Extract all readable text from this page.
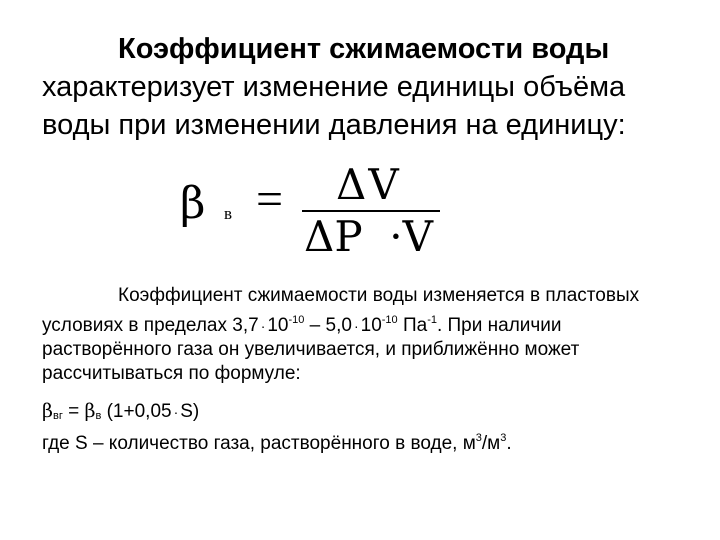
Коэффициент сжимаемости воды
характеризует изменение единицы объёма воды при изменении давления на единицу:
β в = ΔV
ΔP  ·V
Коэффициент сжимаемости воды изменяется в пластовых условиях в пределах $3,7 \cdot 10^{-10} - 5,0 \cdot 10^{-10}$ $Па^{-1}$. При наличии растворённого газа он увеличивается, и приближённо может рассчитываться по формуле:
βвг = βв (1+0,05 · S)
где S – количество газа, растворённого в воде, $м^3/м^3$.
